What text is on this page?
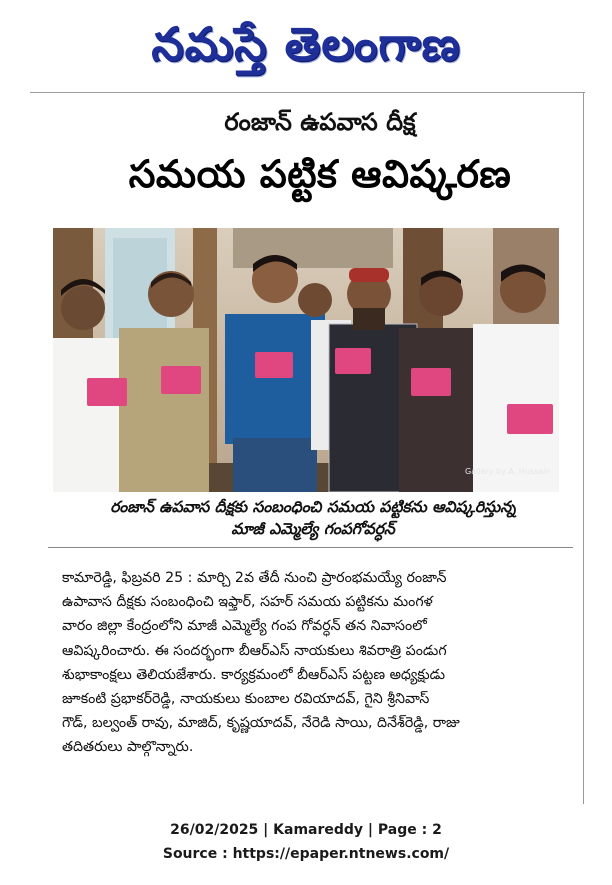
నమస్తే తెలంగాణ
రంజాన్ ఉపవాస దీక్ష
సమయ పట్టిక ఆవిష్కరణ
Gallery by A. Hussain
రంజాన్ ఉపవాస దీక్షకు సంబంధించి సమయ పట్టికను ఆవిష్కరిస్తున్న
మాజీ ఎమ్మెల్యే గంపగోవర్ధన్
కామారెడ్డి, ఫిబ్రవరి 25 : మార్చి 2వ తేదీ నుంచి ప్రారంభమయ్యే రంజాన్
ఉపావాస దీక్షకు సంబంధించి ఇఫ్తార్, సహర్ సమయ పట్టికను మంగళ
వారం జిల్లా కేంద్రంలోని మాజీ ఎమ్మెల్యే గంప గోవర్ధన్ తన నివాసంలో
ఆవిష్కరించారు. ఈ సందర్భంగా బీఆర్ఎస్ నాయకులు శివరాత్రి పండుగ
శుభాకాంక్షలు తెలియజేశారు. కార్యక్రమంలో బీఆర్ఎస్ పట్టణ అధ్యక్షుడు
జూకంటి ప్రభాకర్‌రెడ్డి, నాయకులు కుంబాల రవియాదవ్, గైని శ్రీనివాస్
గౌడ్, బల్వంత్ రావు, మాజిద్, కృష్ణయాదవ్, నేరెడి సాయి, దినేశ్‌రెడ్డి, రాజు
తదితరులు పాల్గొన్నారు.
26/02/2025 | Kamareddy | Page : 2
Source : https://epaper.ntnews.com/
